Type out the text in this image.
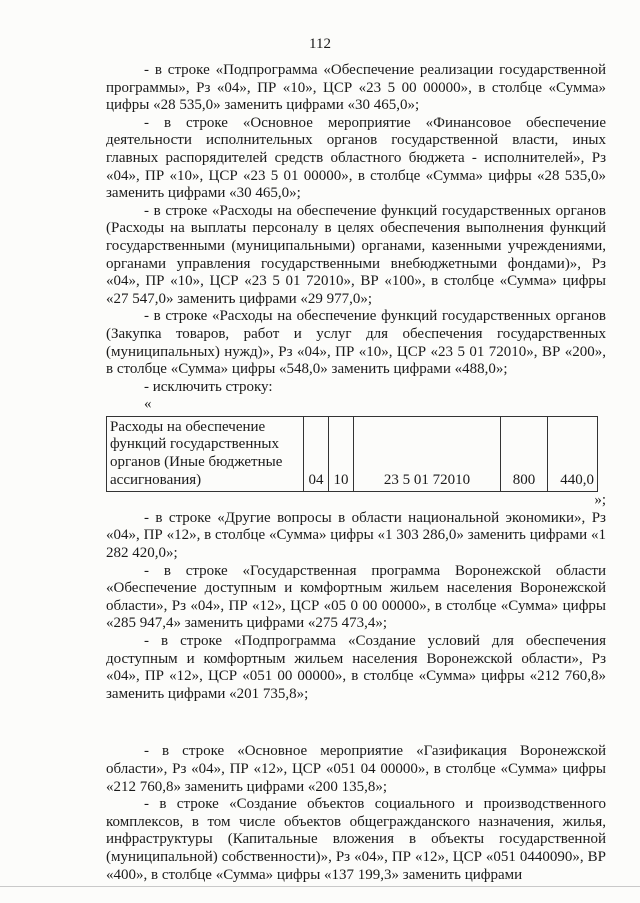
112

- в строке «Подпрограмма «Обеспечение реализации государственной программы», Рз «04», ПР «10», ЦСР «23 5 00 00000», в столбце «Сумма» цифры «28 535,0» заменить цифрами «30 465,0»;

- в строке «Основное мероприятие «Финансовое обеспечение деятельности исполнительных органов государственной власти, иных главных распорядителей средств областного бюджета - исполнителей», Рз «04», ПР «10», ЦСР «23 5 01 00000», в столбце «Сумма» цифры «28 535,0» заменить цифрами «30 465,0»;

- в строке «Расходы на обеспечение функций государственных органов (Расходы на выплаты персоналу в целях обеспечения выполнения функций государственными (муниципальными) органами, казенными учреждениями, органами управления государственными внебюджетными фондами)», Рз «04», ПР «10», ЦСР «23 5 01 72010», ВР «100», в столбце «Сумма» цифры «27 547,0» заменить цифрами «29 977,0»;

- в строке «Расходы на обеспечение функций государственных органов (Закупка товаров, работ и услуг для обеспечения государственных (муниципальных) нужд)», Рз «04», ПР «10», ЦСР «23 5 01 72010», ВР «200», в столбце «Сумма» цифры «548,0» заменить цифрами «488,0»;

- исключить строку:

«

Расходы на обеспечение функций государственных органов (Иные бюджетные ассигнования)	04	10	23 5 01 72010	800	440,0

»;

- в строке «Другие вопросы в области национальной экономики», Рз «04», ПР «12», в столбце «Сумма» цифры «1 303 286,0» заменить цифрами «1 282 420,0»;

- в строке «Государственная программа Воронежской области «Обеспечение доступным и комфортным жильем населения Воронежской области», Рз «04», ПР «12», ЦСР «05 0 00 00000», в столбце «Сумма» цифры «285 947,4» заменить цифрами «275 473,4»;

- в строке «Подпрограмма «Создание условий для обеспечения доступным и комфортным жильем населения Воронежской области», Рз «04», ПР «12», ЦСР «051 00 00000», в столбце «Сумма» цифры «212 760,8» заменить цифрами «201 735,8»;

- в строке «Основное мероприятие «Газификация Воронежской области», Рз «04», ПР «12», ЦСР «051 04 00000», в столбце «Сумма» цифры «212 760,8» заменить цифрами «200 135,8»;

- в строке «Создание объектов социального и производственного комплексов, в том числе объектов общегражданского назначения, жилья, инфраструктуры (Капитальные вложения в объекты государственной (муниципальной) собственности)», Рз «04», ПР «12», ЦСР «051 0440090», ВР «400», в столбце «Сумма» цифры «137 199,3» заменить цифрами
